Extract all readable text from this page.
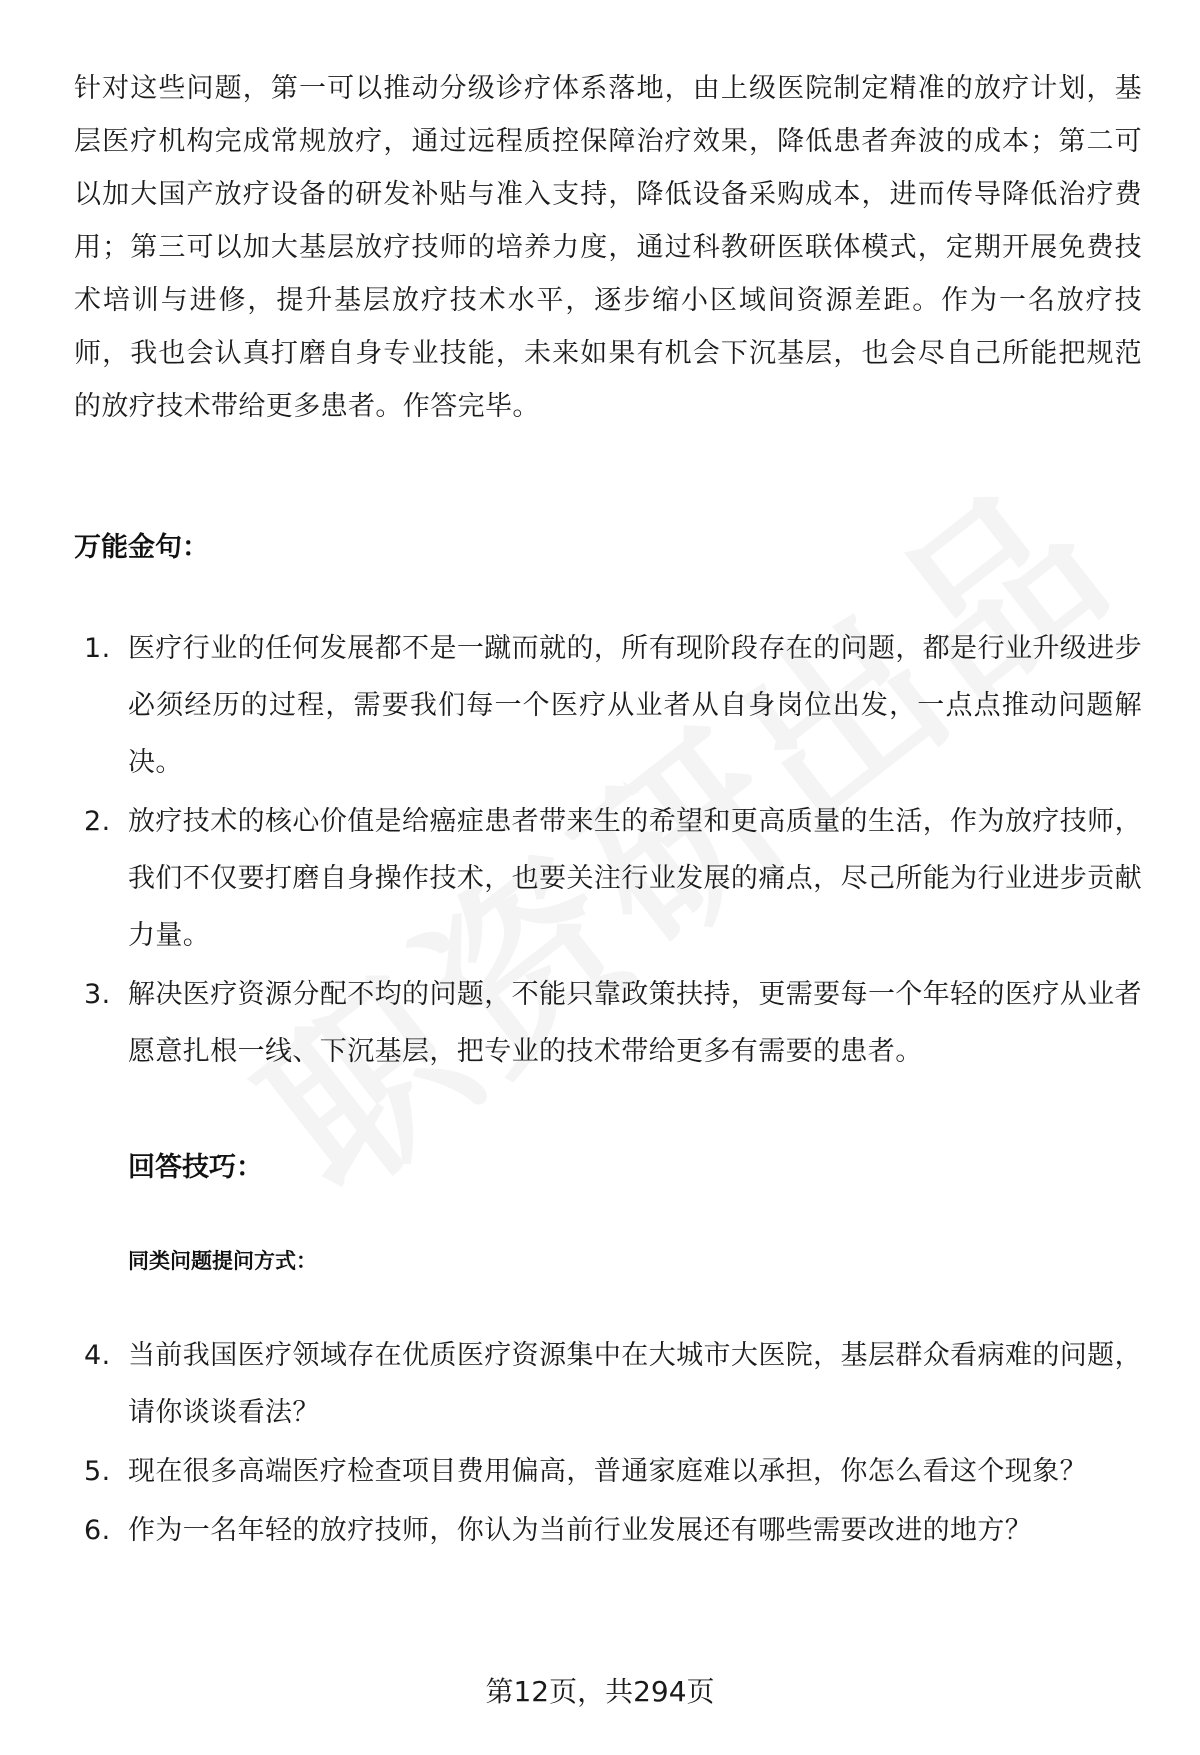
针对这些问题，第一可以推动分级诊疗体系落地，由上级医院制定精准的放疗计划，基层医疗机构完成常规放疗，通过远程质控保障治疗效果，降低患者奔波的成本；第二可以加大国产放疗设备的研发补贴与准入支持，降低设备采购成本，进而传导降低治疗费用；第三可以加大基层放疗技师的培养力度，通过科教研医联体模式，定期开展免费技术培训与进修，提升基层放疗技术水平，逐步缩小区域间资源差距。作为一名放疗技师，我也会认真打磨自身专业技能，未来如果有机会下沉基层，也会尽自己所能把规范的放疗技术带给更多患者。作答完毕。

万能金句：
1. 医疗行业的任何发展都不是一蹴而就的，所有现阶段存在的问题，都是行业升级进步必须经历的过程，需要我们每一个医疗从业者从自身岗位出发，一点点推动问题解决。
2. 放疗技术的核心价值是给癌症患者带来生的希望和更高质量的生活，作为放疗技师，我们不仅要打磨自身操作技术，也要关注行业发展的痛点，尽己所能为行业进步贡献力量。
3. 解决医疗资源分配不均的问题，不能只靠政策扶持，更需要每一个年轻的医疗从业者愿意扎根一线、下沉基层，把专业的技术带给更多有需要的患者。
回答技巧：
同类问题提问方式：
4. 当前我国医疗领域存在优质医疗资源集中在大城市大医院，基层群众看病难的问题，请你谈谈看法？
5. 现在很多高端医疗检查项目费用偏高，普通家庭难以承担，你怎么看这个现象？
6. 作为一名年轻的放疗技师，你认为当前行业发展还有哪些需要改进的地方？
第12页，共294页
